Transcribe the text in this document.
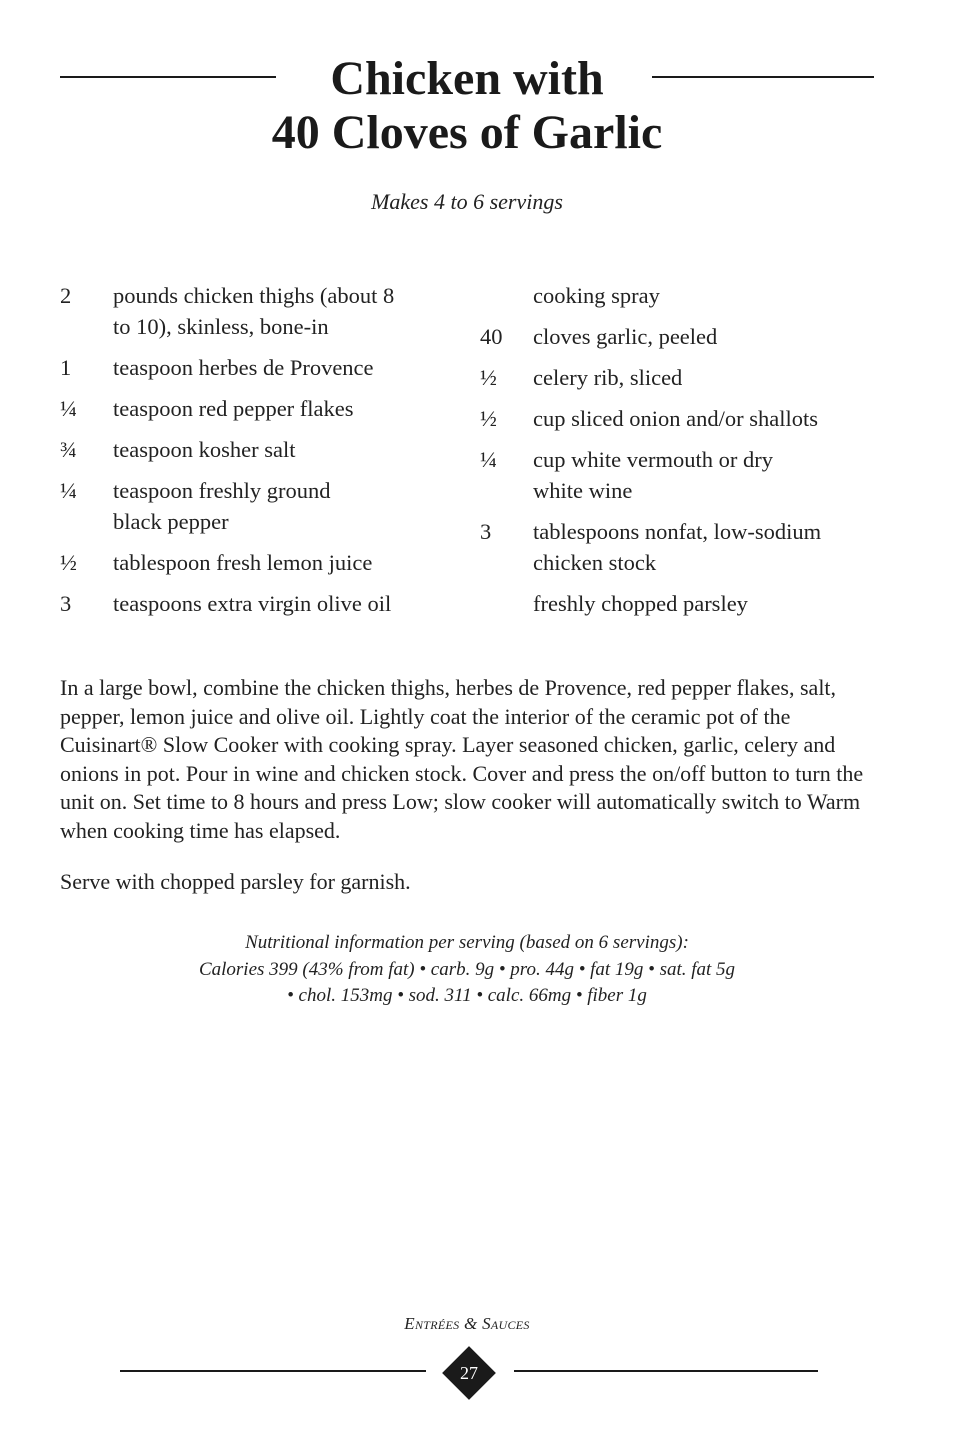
Chicken with
40 Cloves of Garlic
Makes 4 to 6 servings
2	pounds chicken thighs (about 8 to 10), skinless, bone-in
1	teaspoon herbes de Provence
¼	teaspoon red pepper flakes
¾	teaspoon kosher salt
¼	teaspoon freshly ground black pepper
½	tablespoon fresh lemon juice
3	teaspoons extra virgin olive oil
cooking spray
40	cloves garlic, peeled
½	celery rib, sliced
½	cup sliced onion and/or shallots
¼	cup white vermouth or dry white wine
3	tablespoons nonfat, low-sodium chicken stock
freshly chopped parsley

In a large bowl, combine the chicken thighs, herbes de Provence, red pepper flakes, salt, pepper, lemon juice and olive oil. Lightly coat the interior of the ceramic pot of the Cuisinart® Slow Cooker with cooking spray. Layer seasoned chicken, garlic, celery and onions in pot. Pour in wine and chicken stock. Cover and press the on/off button to turn the unit on. Set time to 8 hours and press Low; slow cooker will automatically switch to Warm when cooking time has elapsed.

Serve with chopped parsley for garnish.

Nutritional information per serving (based on 6 servings):
Calories 399 (43% from fat) • carb. 9g • pro. 44g • fat 19g • sat. fat 5g
• chol. 153mg • sod. 311 • calc. 66mg • fiber 1g
Entrées & Sauces
27
